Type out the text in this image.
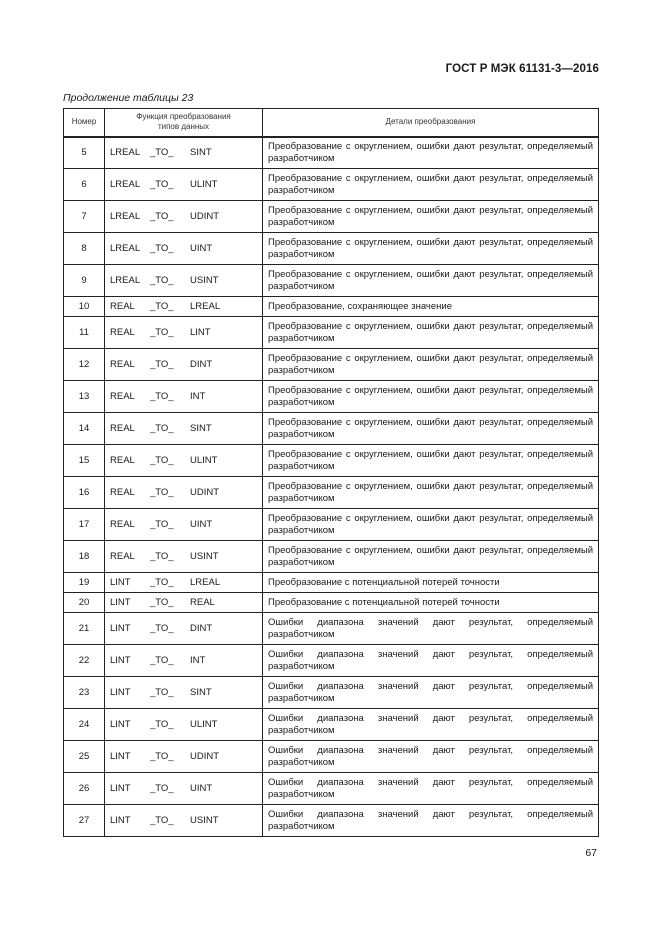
ГОСТ Р МЭК 61131-3—2016
Продолжение таблицы 23
Номер	Функция преобразования типов данных	Детали преобразования
5	LREAL _TO_ SINT	Преобразование с округлением, ошибки дают результат, определяемый разработчиком
6	LREAL _TO_ ULINT	Преобразование с округлением, ошибки дают результат, определяемый разработчиком
7	LREAL _TO_ UDINT	Преобразование с округлением, ошибки дают результат, определяемый разработчиком
8	LREAL _TO_ UINT	Преобразование с округлением, ошибки дают результат, определяемый разработчиком
9	LREAL _TO_ USINT	Преобразование с округлением, ошибки дают результат, определяемый разработчиком
10	REAL _TO_ LREAL	Преобразование, сохраняющее значение
11	REAL _TO_ LINT	Преобразование с округлением, ошибки дают результат, определяемый разработчиком
12	REAL _TO_ DINT	Преобразование с округлением, ошибки дают результат, определяемый разработчиком
13	REAL _TO_ INT	Преобразование с округлением, ошибки дают результат, определяемый разработчиком
14	REAL _TO_ SINT	Преобразование с округлением, ошибки дают результат, определяемый разработчиком
15	REAL _TO_ ULINT	Преобразование с округлением, ошибки дают результат, определяемый разработчиком
16	REAL _TO_ UDINT	Преобразование с округлением, ошибки дают результат, определяемый разработчиком
17	REAL _TO_ UINT	Преобразование с округлением, ошибки дают результат, определяемый разработчиком
18	REAL _TO_ USINT	Преобразование с округлением, ошибки дают результат, определяемый разработчиком
19	LINT _TO_ LREAL	Преобразование с потенциальной потерей точности
20	LINT _TO_ REAL	Преобразование с потенциальной потерей точности
21	LINT _TO_ DINT	Ошибки диапазона значений дают результат, определяемый разработчиком
22	LINT _TO_ INT	Ошибки диапазона значений дают результат, определяемый разработчиком
23	LINT _TO_ SINT	Ошибки диапазона значений дают результат, определяемый разработчиком
24	LINT _TO_ ULINT	Ошибки диапазона значений дают результат, определяемый разработчиком
25	LINT _TO_ UDINT	Ошибки диапазона значений дают результат, определяемый разработчиком
26	LINT _TO_ UINT	Ошибки диапазона значений дают результат, определяемый разработчиком
27	LINT _TO_ USINT	Ошибки диапазона значений дают результат, определяемый разработчиком
67
